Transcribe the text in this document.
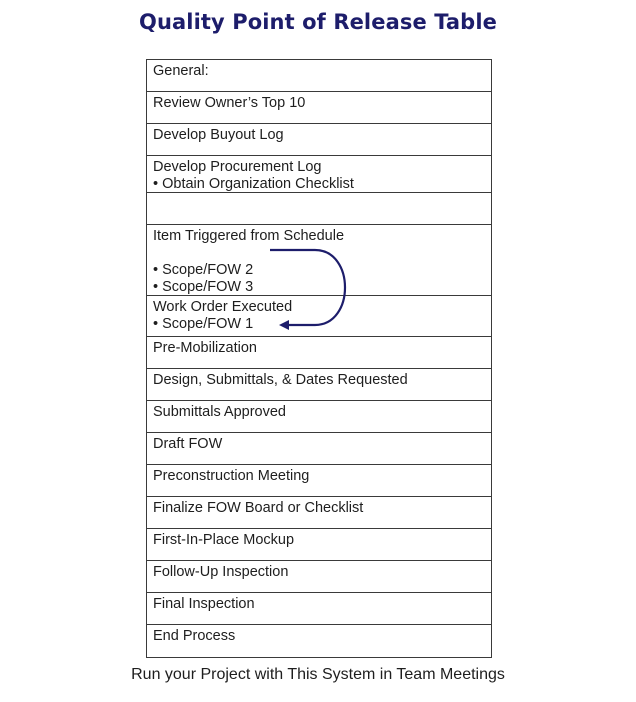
Quality Point of Release Table
General:
Review Owner’s Top 10
Develop Buyout Log
Develop Procurement Log
• Obtain Organization Checklist
Item Triggered from Schedule
• Scope/FOW 2
• Scope/FOW 3
Work Order Executed
• Scope/FOW 1
Pre-Mobilization
Design, Submittals, & Dates Requested
Submittals Approved
Draft FOW
Preconstruction Meeting
Finalize FOW Board or Checklist
First-In-Place Mockup
Follow-Up Inspection
Final Inspection
End Process
Run your Project with This System in Team Meetings
